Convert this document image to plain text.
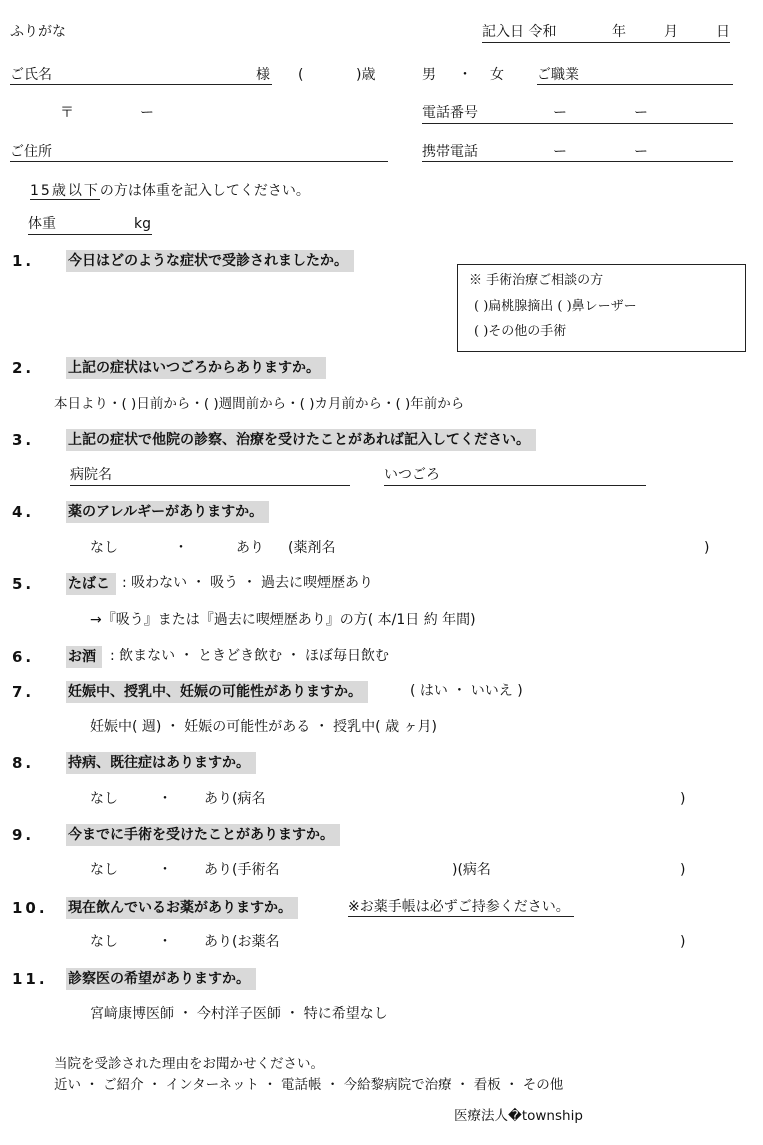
ふりがな	記入日 令和	年	月	日
ご氏名	様 (	)歳	男 ・ 女 ご職業
〒	ー	電話番号	ー	ー
ご住所	携帯電話	ー	ー
15歳以下の方は体重を記入してください。
体重	kg
1. 今日はどのような症状で受診されましたか。
※ 手術治療ご相談の方
( )扁桃腺摘出 ( )鼻レーザー
( )その他の手術
2. 上記の症状はいつごろからありますか。
本日より・( )日前から・( )週間前から・( )カ月前から・( )年前から
3. 上記の症状で他院の診察、治療を受けたことがあれば記入してください。
病院名	いつごろ
4. 薬のアレルギーがありますか。
なし	・	あり (薬剤名	)
5. たばこ : 吸わない ・ 吸う ・ 過去に喫煙歴あり
→『吸う』または『過去に喫煙歴あり』の方( 本/1日 約 年間)
6. お酒	: 飲まない ・ ときどき飲む ・ ほぼ毎日飲む
7. 妊娠中、授乳中、妊娠の可能性がありますか。	( はい ・ いいえ )
妊娠中( 週) ・ 妊娠の可能性がある ・ 授乳中( 歳 ヶ月)
8. 持病、既往症はありますか。
なし	・ あり(病名	)
9. 今までに手術を受けたことがありますか。
なし	・ あり(手術名	)(病名	)
10. 現在飲んでいるお薬がありますか。	※お薬手帳は必ずご持参ください。
なし	・ あり(お薬名	)
11. 診察医の希望がありますか。
宮﨑康博医師 ・ 今村洋子医師 ・ 特に希望なし
当院を受診された理由をお聞かせください。
近い ・ ご紹介 ・ インターネット ・ 電話帳 ・ 今給黎病院で治療 ・ 看板 ・ その他
医療法人�township
